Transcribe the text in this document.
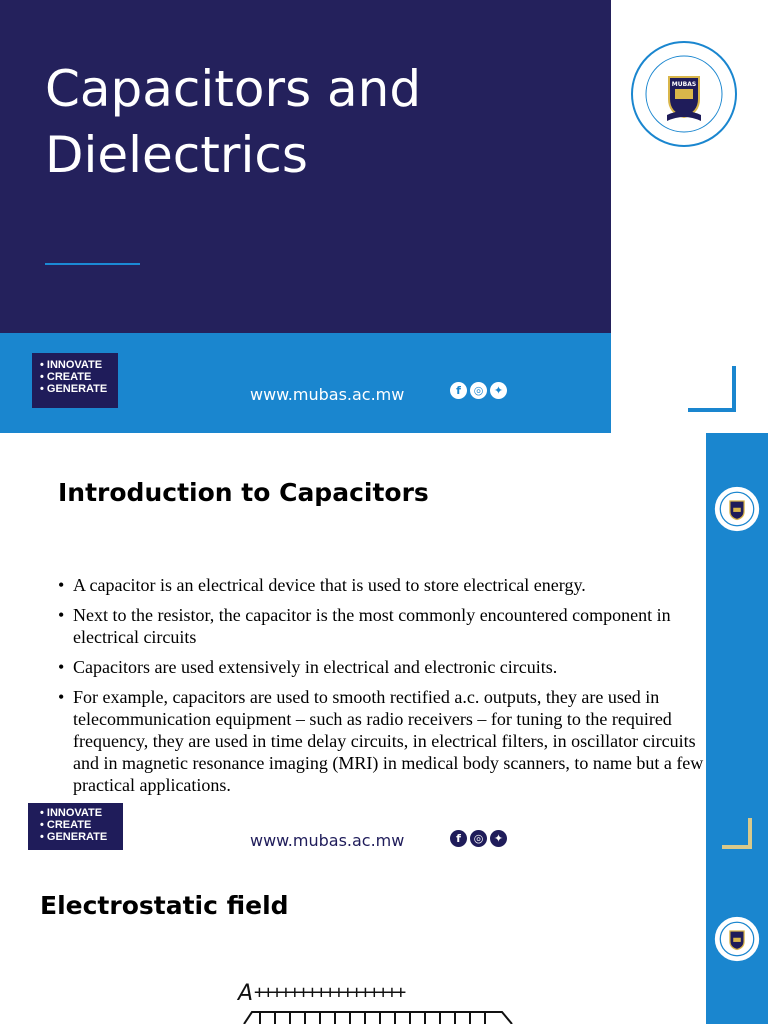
Capacitors and Dielectrics
MUBAS
• INNOVATE
• CREATE
• GENERATE	www.mubas.ac.mw	f	◎ ✦
Introduction to Capacitors
• A capacitor is an electrical device that is used to store electrical energy.
• Next to the resistor, the capacitor is the most commonly encountered component in electrical circuits
• Capacitors are used extensively in electrical and electronic circuits.
• For example, capacitors are used to smooth rectified a.c. outputs, they are used in telecommunication equipment – such as radio receivers – for tuning to the required frequency, they are used in time delay circuits, in electrical filters, in oscillator circuits and in magnetic resonance imaging (MRI) in medical body scanners, to name but a few practical applications.
• INNOVATE
• CREATE
• GENERATE	www.mubas.ac.mw	f	◎ ✦
Electrostatic field
A +++++++++++++++++
